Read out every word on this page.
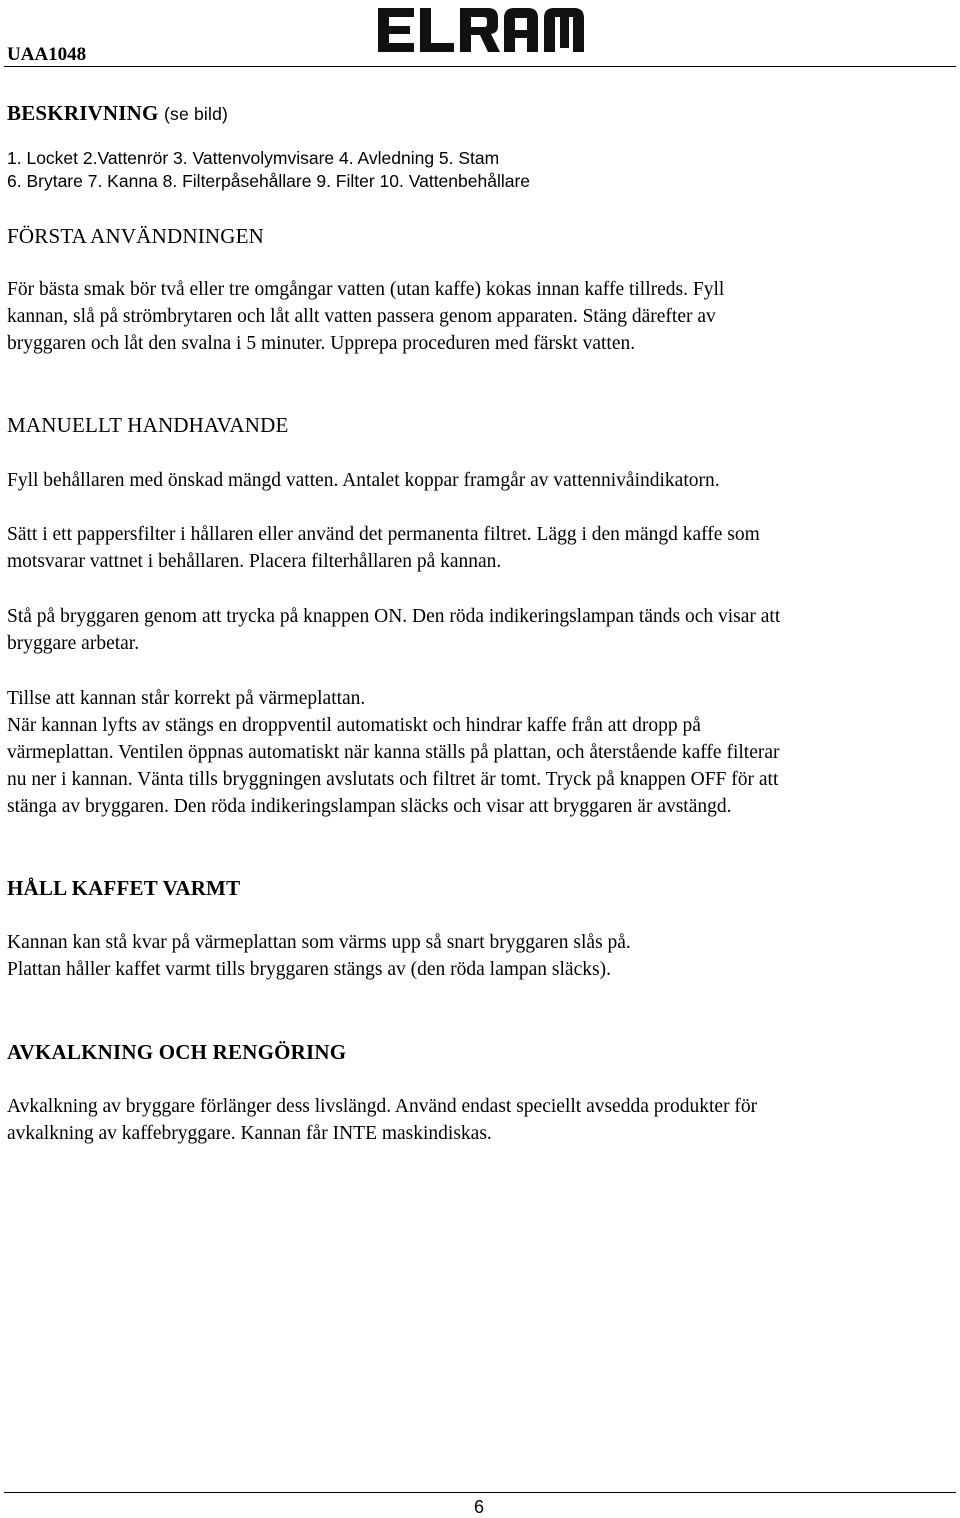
UAA1048
BESKRIVNING (se bild)
1. Locket 2.Vattenrör 3. Vattenvolymvisare 4. Avledning 5. Stam
6. Brytare 7. Kanna 8. Filterpåsehållare 9. Filter 10. Vattenbehållare
FÖRSTA ANVÄNDNINGEN
För bästa smak bör två eller tre omgångar vatten (utan kaffe) kokas innan kaffe tillreds. Fyll
kannan, slå på strömbrytaren och låt allt vatten passera genom apparaten. Stäng därefter av
bryggaren och låt den svalna i 5 minuter. Upprepa proceduren med färskt vatten.
MANUELLT HANDHAVANDE
Fyll behållaren med önskad mängd vatten. Antalet koppar framgår av vattennivåindikatorn.
Sätt i ett pappersfilter i hållaren eller använd det permanenta filtret. Lägg i den mängd kaffe som
motsvarar vattnet i behållaren. Placera filterhållaren på kannan.
Stå på bryggaren genom att trycka på knappen ON. Den röda indikeringslampan tänds och visar att
bryggare arbetar.
Tillse att kannan står korrekt på värmeplattan.
När kannan lyfts av stängs en droppventil automatiskt och hindrar kaffe från att dropp på
värmeplattan. Ventilen öppnas automatiskt när kanna ställs på plattan, och återstående kaffe filterar
nu ner i kannan. Vänta tills bryggningen avslutats och filtret är tomt. Tryck på knappen OFF för att
stänga av bryggaren. Den röda indikeringslampan släcks och visar att bryggaren är avstängd.
HÅLL KAFFET VARMT
Kannan kan stå kvar på värmeplattan som värms upp så snart bryggaren slås på.
Plattan håller kaffet varmt tills bryggaren stängs av (den röda lampan släcks).
AVKALKNING OCH RENGÖRING
Avkalkning av bryggare förlänger dess livslängd. Använd endast speciellt avsedda produkter för
avkalkning av kaffebryggare. Kannan får INTE maskindiskas.
6
